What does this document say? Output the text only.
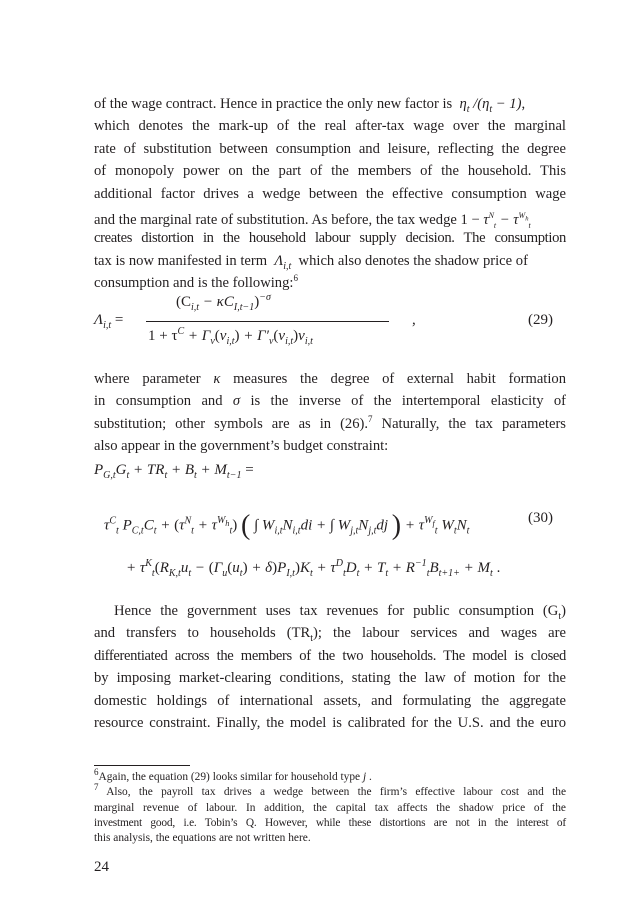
of the wage contract. Hence in practice the only new factor is $\eta_t$ $/(\eta_t - 1)$,
which denotes the mark-up of the real after-tax wage over the marginal
rate of substitution between consumption and leisure, reflecting the degree
of monopoly power on the part of the members of the household. This
additional factor drives a wedge between the effective consumption wage
and the marginal rate of substitution. As before, the tax wedge $1 - \tau^N_t - \tau^{W_h}_t$
creates distortion in the household labour supply decision. The consumption
tax is now manifested in term $\Lambda_{i,t}$ which also denotes the shadow price of
consumption and is the following:$^6$
$\Lambda_{i,t}$ =
$(C_{i,t} - \kappa C_{I,t-1})^{-\sigma}$
$1 + \tau^C + \Gamma_v(v_{i,t}) + \Gamma'_v(v_{i,t})v_{i,t}$
,	(29)
where parameter κ measures the degree of external habit formation
in consumption and σ is the inverse of the intertemporal elasticity of
substitution; other symbols are as in (26).$^7$ Naturally, the tax parameters
also appear in the government’s budget constraint:
$P_{G,t}G_t + TR_t + B_t + M_{t-1}$ =
$\tau^C_t$ $P_{C,t}C_t + (\tau^N_t + \tau^{W_h}_t)$ ( ∫ $W_{i,t}N_{i,t}di$ + ∫ $W_{j,t}N_{j,t}dj$ ) + $\tau^{W_f}_t$ $W_tN_t$
+ $\tau^K_t(R_{K,t}u_t - (\Gamma_u(u_t) + \delta)P_{I,t})K_t + \tau^D_tD_t + T_t + R^{-1}_tB_{t+1+} + M_t$ .
(30)
Hence the government uses tax revenues for public consumption $(G_t)$
and transfers to households $(TR_t)$; the labour services and wages are
differentiated across the members of the two households. The model is closed
by imposing market-clearing conditions, stating the law of motion for the
domestic holdings of international assets, and formulating the aggregate
resource constraint. Finally, the model is calibrated for the U.S. and the euro
$^6$Again, the equation (29) looks similar for household type j .
$^7$ Also, the payroll tax drives a wedge between the firm’s effective labour cost and the
marginal revenue of labour. In addition, the capital tax affects the shadow price of the
investment good, i.e. Tobin’s Q. However, while these distortions are not in the interest of
this analysis, the equations are not written here.
24
